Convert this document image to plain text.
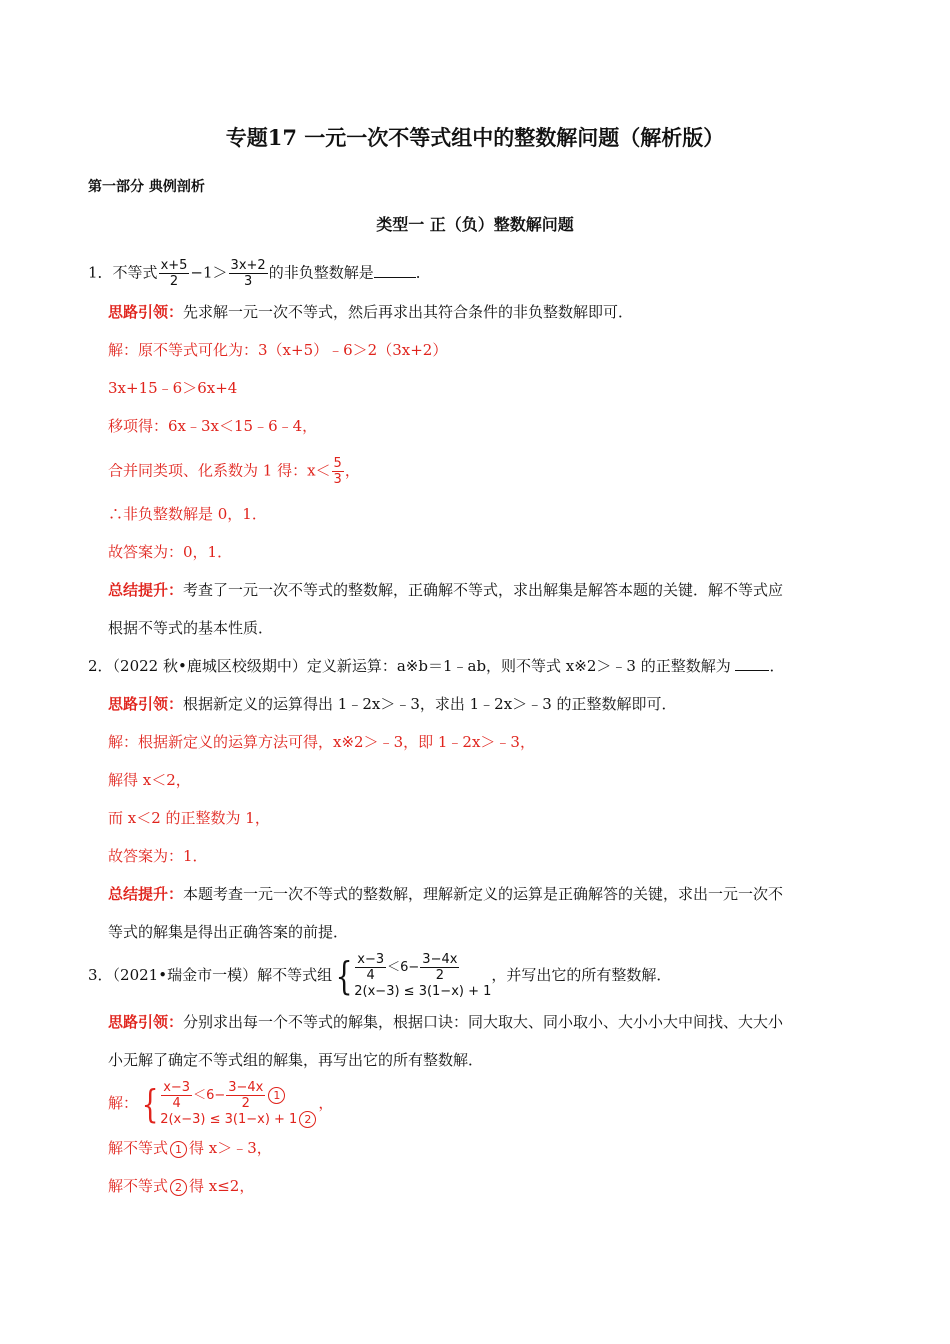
专题17 一元一次不等式组中的整数解问题（解析版）
第一部分 典例剖析
类型一 正（负）整数解问题
1．不等式 $\frac{x+5}{2} -1> \frac{3x+2}{3}$ 的非负整数解是	．
思路引领：先求解一元一次不等式，然后再求出其符合条件的非负整数解即可．
解：原不等式可化为：3（x+5）﹣6＞2（3x+2）
3x+15﹣6＞6x+4
移项得：6x﹣3x＜15﹣6﹣4，
合并同类项、化系数为 1 得：$x< \frac{5}{3}$ ，
∴非负整数解是 0，1．
故答案为：0，1．
总结提升：考查了一元一次不等式的整数解，正确解不等式，求出解集是解答本题的关键．解不等式应
根据不等式的基本性质．
2．（2022 秋•鹿城区校级期中）定义新运算：a※b＝1﹣ab，则不等式 x※2＞﹣3 的正整数解为 ．
思路引领：根据新定义的运算得出 1﹣2x＞﹣3，求出 1﹣2x＞﹣3 的正整数解即可．
解：根据新定义的运算方法可得，x※2＞﹣3，即 1﹣2x＞﹣3，
解得 x＜2，
而 x＜2 的正整数为 1，
故答案为：1．
总结提升：本题考查一元一次不等式的整数解，理解新定义的运算是正确解答的关键，求出一元一次不
等式的解集是得出正确答案的前提．
3．（2021•瑞金市一模）解不等式组 { $\frac{x-3}{4} <6- \frac{3-4x}{2}$
2(x−3) ≤ 3(1−x) + 1
，并写出它的所有整数解．
思路引领：分别求出每一个不等式的解集，根据口诀：同大取大、同小取小、大小小大中间找、大大小
小无解了确定不等式组的解集，再写出它的所有整数解．
解： { $\frac{x-3}{4} <6- \frac{3-4x}{2} 1$
2(x−3) ≤ 3(1−x) + 1 2
，
解不等式 1 得 x＞﹣3，
解不等式 2 得 x≤2，
